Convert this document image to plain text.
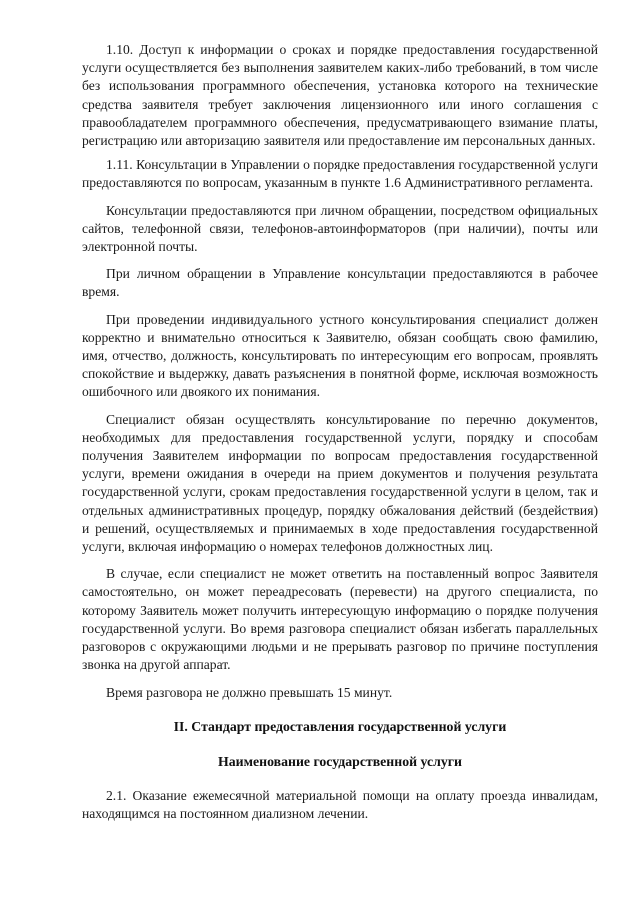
1.10. Доступ к информации о сроках и порядке предоставления государственной услуги осуществляется без выполнения заявителем каких-либо требований, в том числе без использования программного обеспечения, установка которого на технические средства заявителя требует заключения лицензионного или иного соглашения с правообладателем программного обеспечения, предусматривающего взимание платы, регистрацию или авторизацию заявителя или предоставление им персональных данных.

1.11. Консультации в Управлении о порядке предоставления государственной услуги предоставляются по вопросам, указанным в пункте 1.6 Административного регламента.

Консультации предоставляются при личном обращении, посредством официальных сайтов, телефонной связи, телефонов-автоинформаторов (при наличии), почты или электронной почты.

При личном обращении в Управление консультации предоставляются в рабочее время.

При проведении индивидуального устного консультирования специалист должен корректно и внимательно относиться к Заявителю, обязан сообщать свою фамилию, имя, отчество, должность, консультировать по интересующим его вопросам, проявлять спокойствие и выдержку, давать разъяснения в понятной форме, исключая возможность ошибочного или двоякого их понимания.

Специалист обязан осуществлять консультирование по перечню документов, необходимых для предоставления государственной услуги, порядку и способам получения Заявителем информации по вопросам предоставления государственной услуги, времени ожидания в очереди на прием документов и получения результата государственной услуги, срокам предоставления государственной услуги в целом, так и отдельных административных процедур, порядку обжалования действий (бездействия) и решений, осуществляемых и принимаемых в ходе предоставления государственной услуги, включая информацию о номерах телефонов должностных лиц.

В случае, если специалист не может ответить на поставленный вопрос Заявителя самостоятельно, он может переадресовать (перевести) на другого специалиста, по которому Заявитель может получить интересующую информацию о порядке получения государственной услуги. Во время разговора специалист обязан избегать параллельных разговоров с окружающими людьми и не прерывать разговор по причине поступления звонка на другой аппарат.

Время разговора не должно превышать 15 минут.

II. Стандарт предоставления государственной услуги
Наименование государственной услуги

2.1. Оказание ежемесячной материальной помощи на оплату проезда инвалидам, находящимся на постоянном диализном лечении.
